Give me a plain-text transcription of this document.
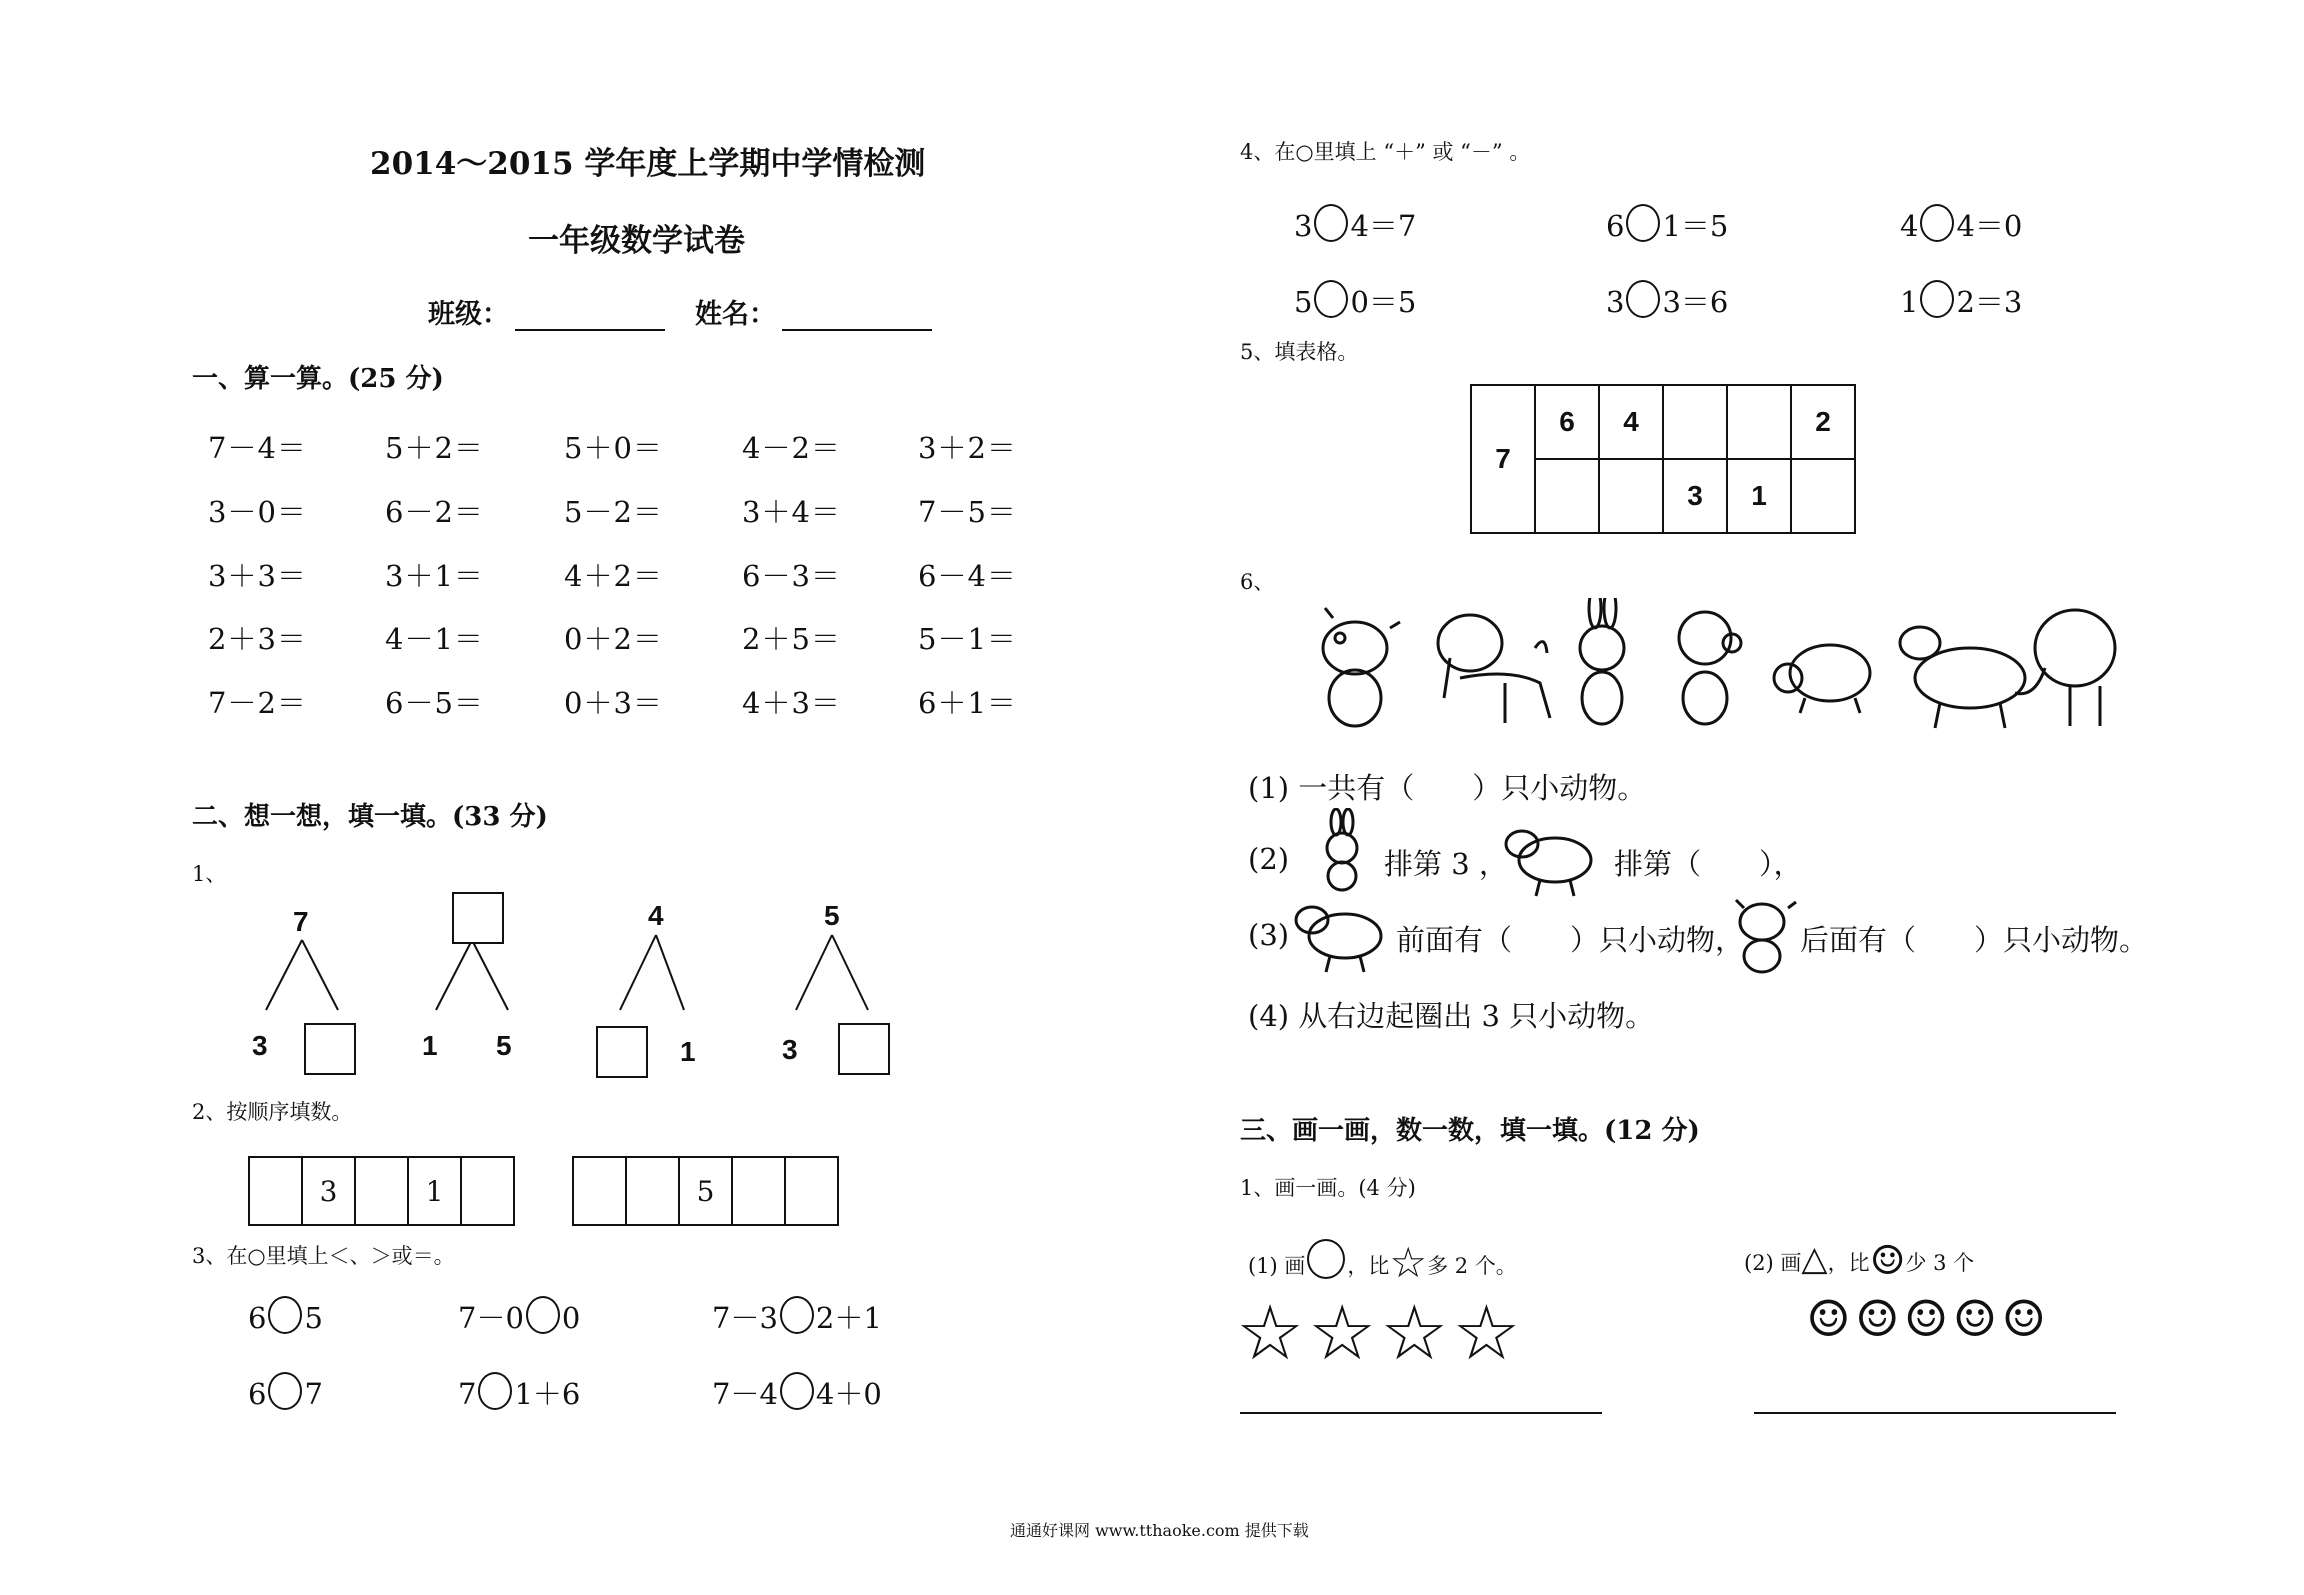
2014～2015 学年度上学期中学情检测
一年级数学试卷
班级：	姓名：
一、算一算。(25 分)
7－4＝	5＋2＝	5＋0＝	4－2＝	3＋2＝
3－0＝	6－2＝	5－2＝	3＋4＝	7－5＝
3＋3＝	3＋1＝	4＋2＝	6－3＝	6－4＝
2＋3＝	4－1＝	0＋2＝	2＋5＝	5－1＝
7－2＝	6－5＝	0＋3＝	4＋3＝	6＋1＝
二、想一想，填一填。(33 分)
1、
7
3	1 5
4
1
5
3
2、按顺序填数。
	3		1	
			5		
3、在○里填上＜、＞或＝。
6 5	7－0 0	7－3 2＋1
6 7	7 1＋6	7－4 4＋0
4、在○里填上 “＋” 或 “－” 。
3 4＝7	6 1＝5	4 4＝0
5 0＝5	3 3＝6	1 2＝3
5、填表格。
7	6	4			2
			3	1	
6、
(1) 一共有（　　）只小动物。
(2)	排第 3 ，	排第（　　），
(3)	前面有（　　）只小动物， 后面有（　　）只小动物。
(4) 从右边起圈出 3 只小动物。
三、画一画，数一数，填一填。(12 分)
1、画一画。(4 分)
(1) 画 ，比☆多 2 个。	(2) 画△，比☺少 3 个
☆☆☆☆	☺☺☺☺☺
通通好课网 www.tthaoke.com 提供下载
